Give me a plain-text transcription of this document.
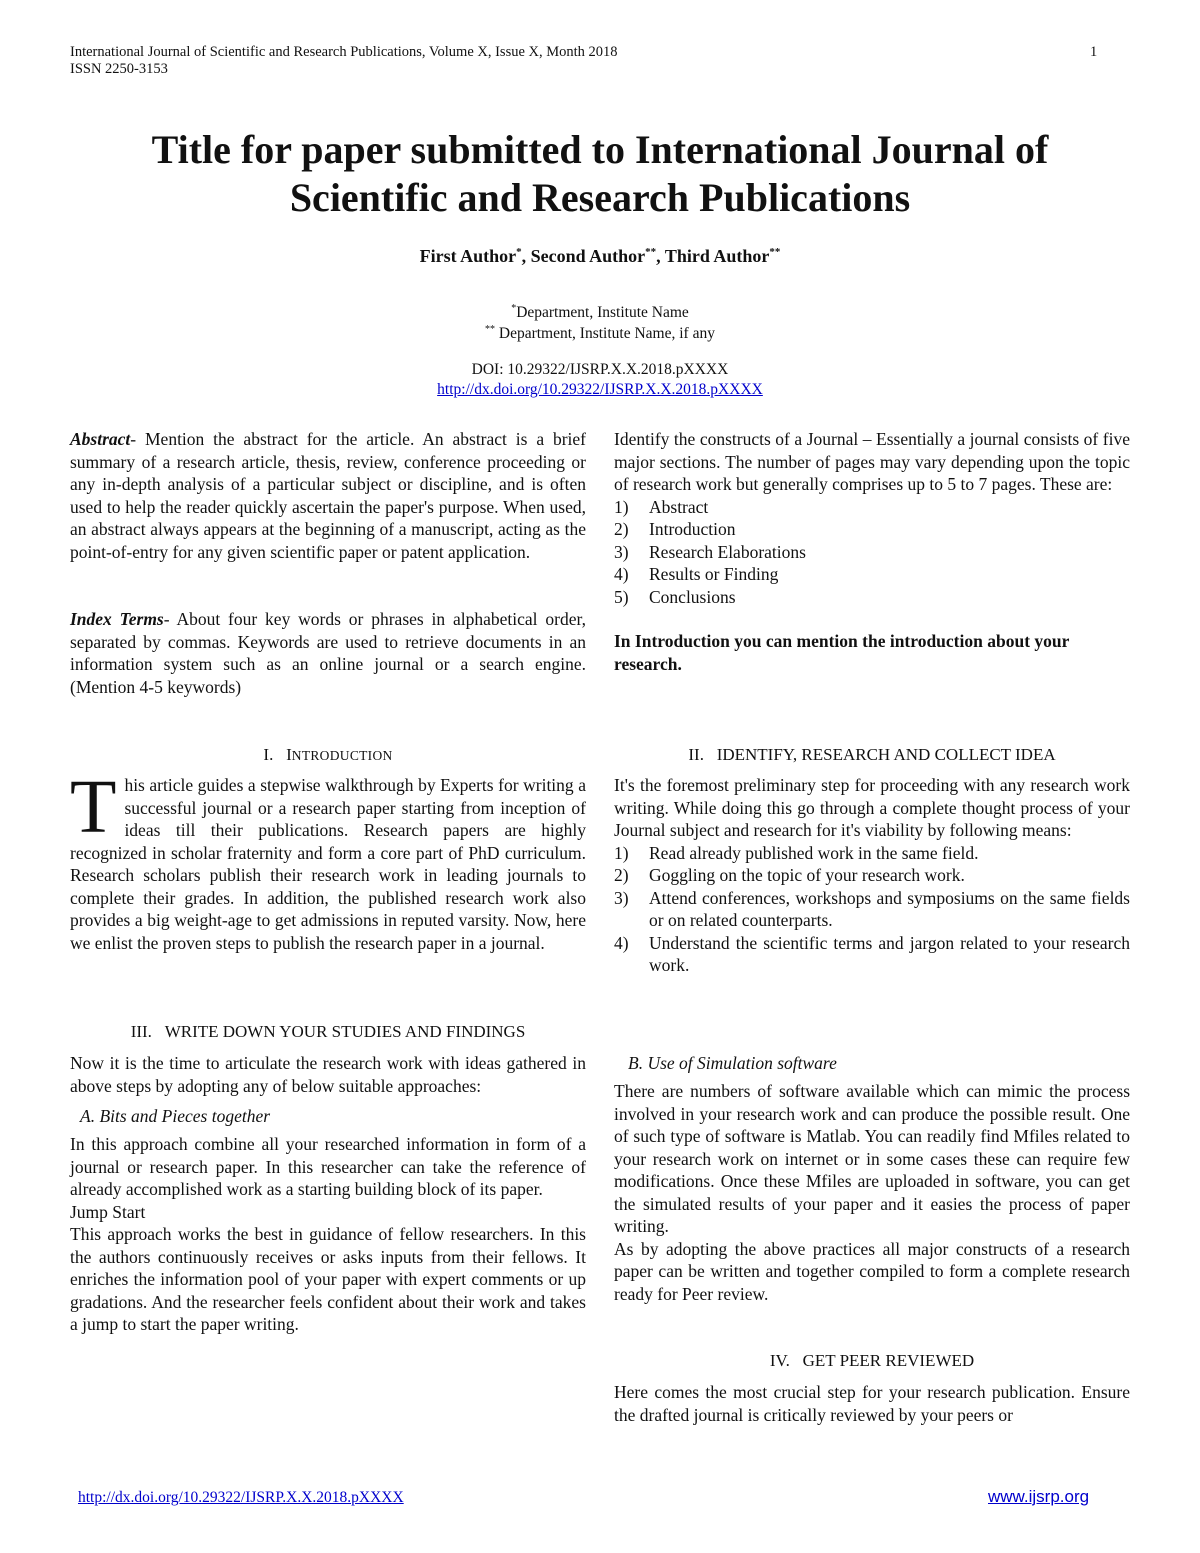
International Journal of Scientific and Research Publications, Volume X, Issue X, Month 2018
ISSN 2250-3153
1
Title for paper submitted to International Journal of
Scientific and Research Publications
First Author*, Second Author**, Third Author**
*Department, Institute Name
** Department, Institute Name, if any
DOI: 10.29322/IJSRP.X.X.2018.pXXXX
http://dx.doi.org/10.29322/IJSRP.X.X.2018.pXXXX

Abstract- Mention the abstract for the article. An abstract is a brief summary of a research article, thesis, review, conference proceeding or any in-depth analysis of a particular subject or discipline, and is often used to help the reader quickly ascertain the paper's purpose. When used, an abstract always appears at the beginning of a manuscript, acting as the point-of-entry for any given scientific paper or patent application.

Index Terms- About four key words or phrases in alphabetical order, separated by commas. Keywords are used to retrieve documents in an information system such as an online journal or a search engine. (Mention 4-5 keywords)

Identify the constructs of a Journal – Essentially a journal consists of five major sections. The number of pages may vary depending upon the topic of research work but generally comprises up to 5 to 7 pages. These are:

1) Abstract
2) Introduction
3) Research Elaborations
4) Results or Finding
5) Conclusions

In Introduction you can mention the introduction about your research.

I. INTRODUCTION

This article guides a stepwise walkthrough by Experts for writing a successful journal or a research paper starting from inception of ideas till their publications. Research papers are highly recognized in scholar fraternity and form a core part of PhD curriculum. Research scholars publish their research work in leading journals to complete their grades. In addition, the published research work also provides a big weight-age to get admissions in reputed varsity. Now, here we enlist the proven steps to publish the research paper in a journal.

II. IDENTIFY, RESEARCH AND COLLECT IDEA

It's the foremost preliminary step for proceeding with any research work writing. While doing this go through a complete thought process of your Journal subject and research for it's viability by following means:

1) Read already published work in the same field.
2) Goggling on the topic of your research work.
3) Attend conferences, workshops and symposiums on the same fields or on related counterparts.
4) Understand the scientific terms and jargon related to your research work.
III. WRITE DOWN YOUR STUDIES AND FINDINGS

Now it is the time to articulate the research work with ideas gathered in above steps by adopting any of below suitable approaches:

A. Bits and Pieces together

In this approach combine all your researched information in form of a journal or research paper. In this researcher can take the reference of already accomplished work as a starting building block of its paper.

Jump Start

This approach works the best in guidance of fellow researchers. In this the authors continuously receives or asks inputs from their fellows. It enriches the information pool of your paper with expert comments or up gradations. And the researcher feels confident about their work and takes a jump to start the paper writing.

B. Use of Simulation software

There are numbers of software available which can mimic the process involved in your research work and can produce the possible result. One of such type of software is Matlab. You can readily find Mfiles related to your research work on internet or in some cases these can require few modifications. Once these Mfiles are uploaded in software, you can get the simulated results of your paper and it easies the process of paper writing.

As by adopting the above practices all major constructs of a research paper can be written and together compiled to form a complete research ready for Peer review.

IV. GET PEER REVIEWED

Here comes the most crucial step for your research publication. Ensure the drafted journal is critically reviewed by your peers or

http://dx.doi.org/10.29322/IJSRP.X.X.2018.pXXXX	www.ijsrp.org
